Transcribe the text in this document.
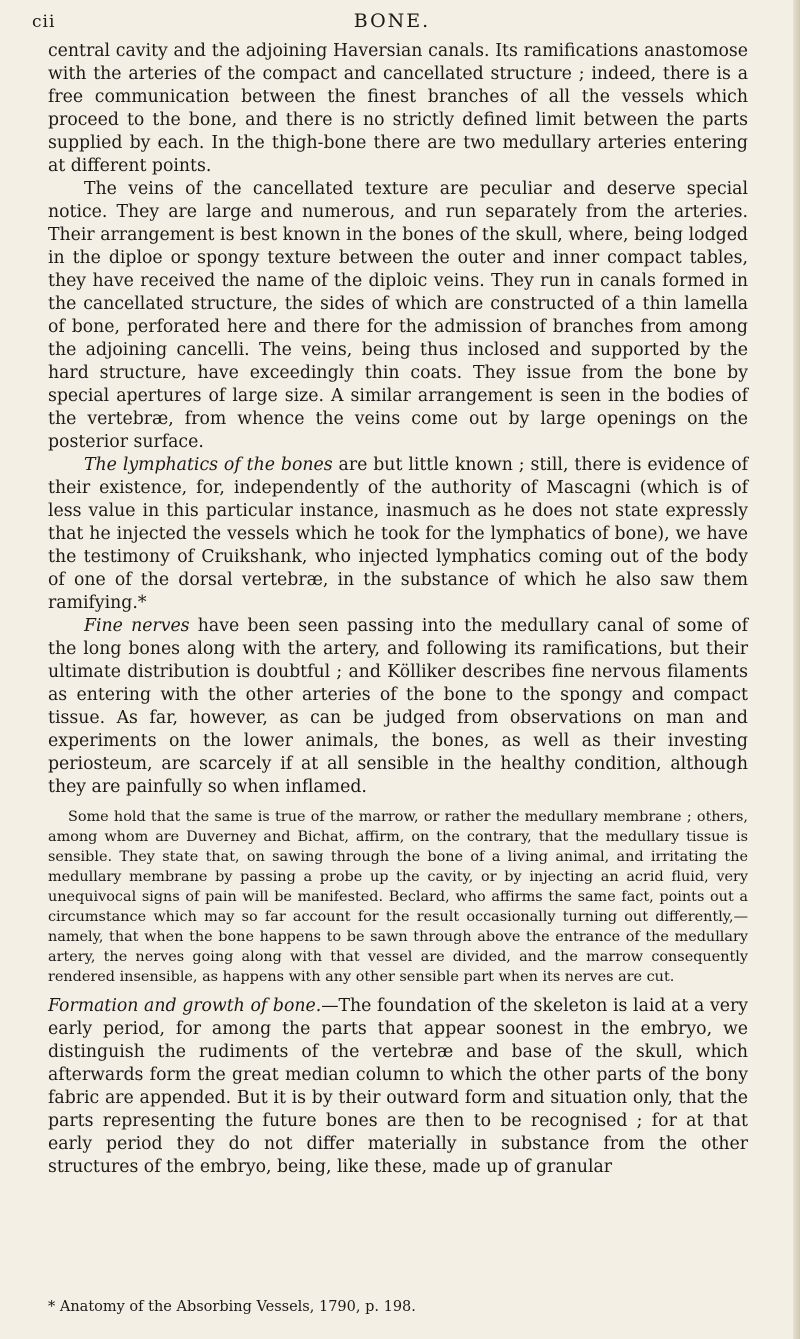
cii	BONE.

central cavity and the adjoining Haversian canals. Its ramifications anastomose with the arteries of the compact and cancellated structure ; indeed, there is a free communication between the finest branches of all the vessels which proceed to the bone, and there is no strictly defined limit between the parts supplied by each. In the thigh-bone there are two medullary arteries entering at different points.

The veins of the cancellated texture are peculiar and deserve special notice. They are large and numerous, and run separately from the arteries. Their arrangement is best known in the bones of the skull, where, being lodged in the diploe or spongy texture between the outer and inner compact tables, they have received the name of the diploic veins. They run in canals formed in the cancellated structure, the sides of which are constructed of a thin lamella of bone, perforated here and there for the admission of branches from among the adjoining cancelli. The veins, being thus inclosed and supported by the hard structure, have exceedingly thin coats. They issue from the bone by special apertures of large size. A similar arrangement is seen in the bodies of the vertebræ, from whence the veins come out by large openings on the posterior surface.

The lymphatics of the bones are but little known ; still, there is evidence of their existence, for, independently of the authority of Mascagni (which is of less value in this particular instance, inasmuch as he does not state expressly that he injected the vessels which he took for the lymphatics of bone), we have the testimony of Cruikshank, who injected lymphatics coming out of the body of one of the dorsal vertebræ, in the substance of which he also saw them ramifying.*

Fine nerves have been seen passing into the medullary canal of some of the long bones along with the artery, and following its ramifications, but their ultimate distribution is doubtful ; and Kölliker describes fine nervous filaments as entering with the other arteries of the bone to the spongy and compact tissue. As far, however, as can be judged from observations on man and experiments on the lower animals, the bones, as well as their investing periosteum, are scarcely if at all sensible in the healthy condition, although they are painfully so when inflamed.

Some hold that the same is true of the marrow, or rather the medullary membrane ; others, among whom are Duverney and Bichat, affirm, on the contrary, that the medullary tissue is sensible. They state that, on sawing through the bone of a living animal, and irritating the medullary membrane by passing a probe up the cavity, or by injecting an acrid fluid, very unequivocal signs of pain will be manifested. Beclard, who affirms the same fact, points out a circumstance which may so far account for the result occasionally turning out differently,—namely, that when the bone happens to be sawn through above the entrance of the medullary artery, the nerves going along with that vessel are divided, and the marrow consequently rendered insensible, as happens with any other sensible part when its nerves are cut.

Formation and growth of bone.—The foundation of the skeleton is laid at a very early period, for among the parts that appear soonest in the embryo, we distinguish the rudiments of the vertebræ and base of the skull, which afterwards form the great median column to which the other parts of the bony fabric are appended. But it is by their outward form and situation only, that the parts representing the future bones are then to be recognised ; for at that early period they do not differ materially in substance from the other structures of the embryo, being, like these, made up of granular

* Anatomy of the Absorbing Vessels, 1790, p. 198.
